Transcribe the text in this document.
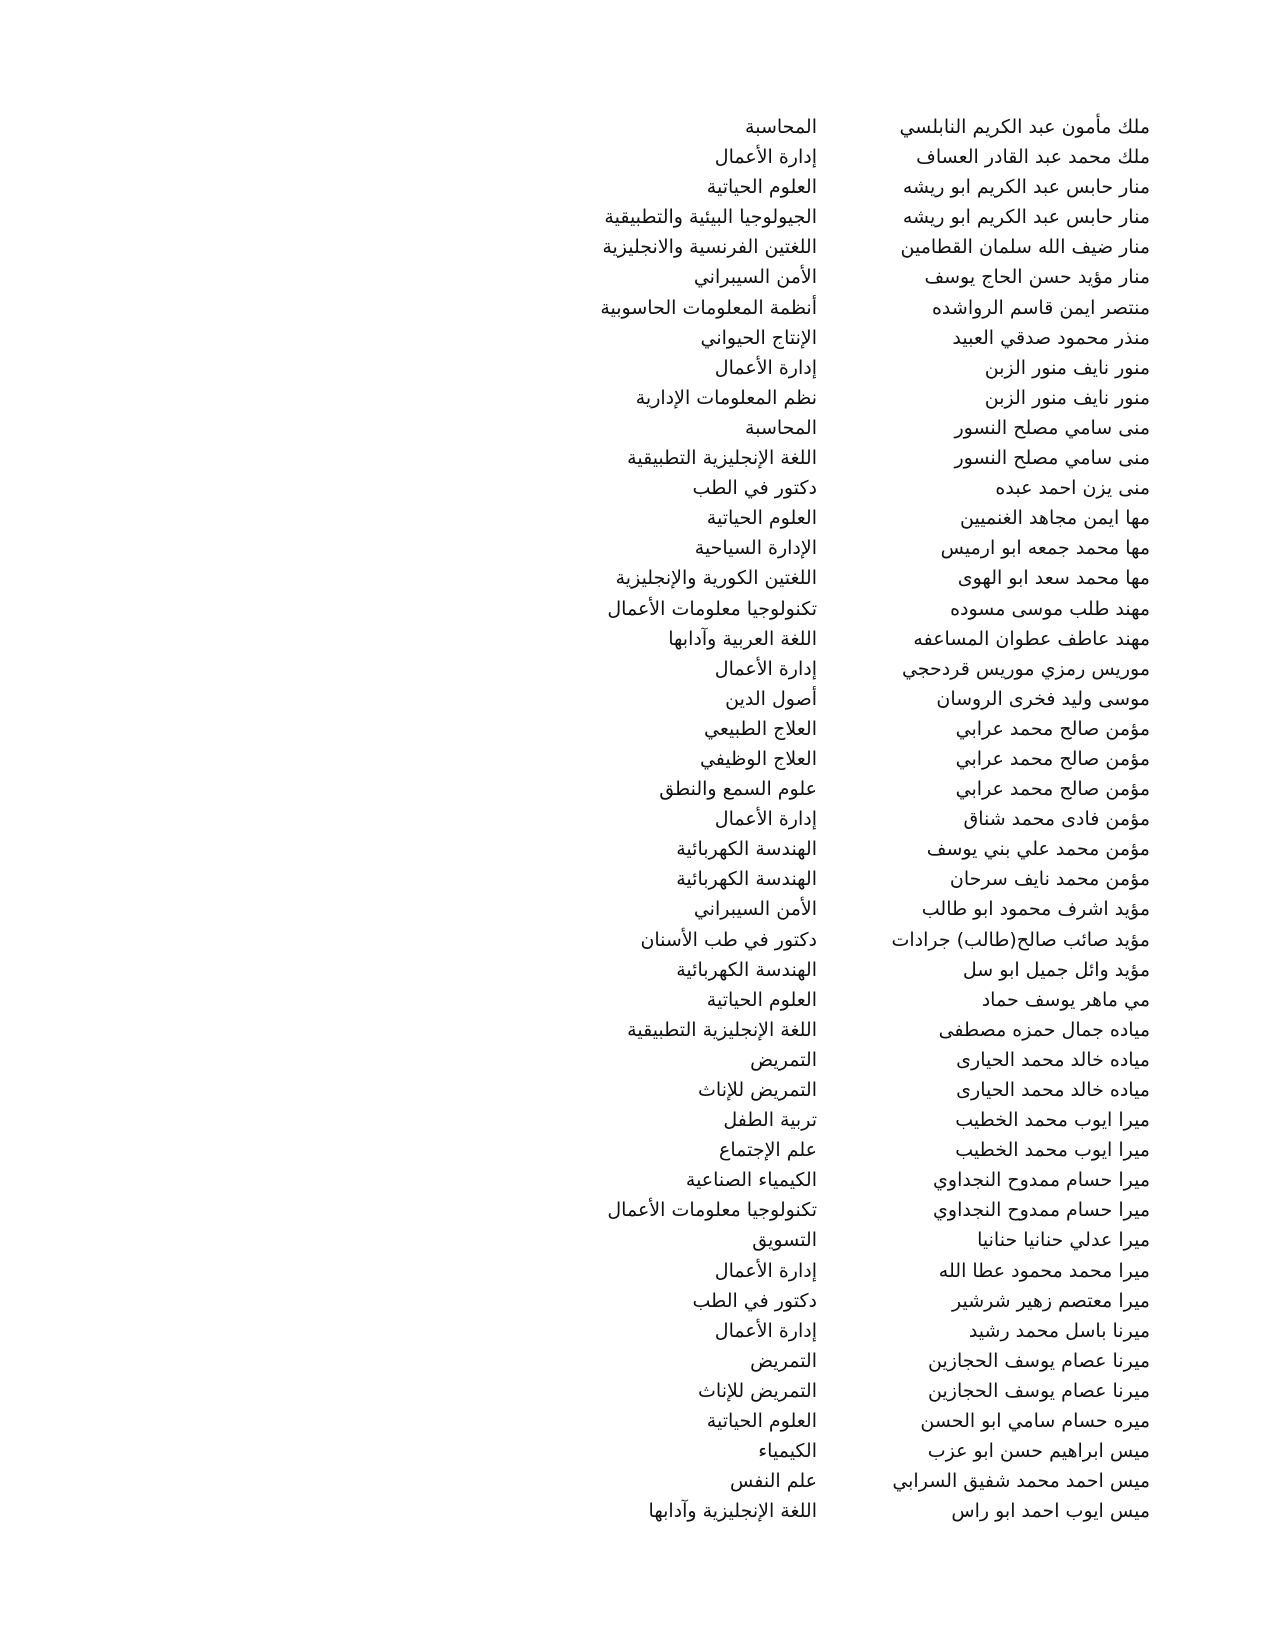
ملك مأمون عبد الكريم النابلسي
المحاسبة
ملك محمد عبد القادر العساف
إدارة الأعمال
منار حابس عبد الكريم ابو ريشه
العلوم الحياتية
منار حابس عبد الكريم ابو ريشه
الجيولوجيا البيئية والتطبيقية
منار ضيف الله سلمان القطامين
اللغتين الفرنسية والانجليزية
منار مؤيد حسن الحاج يوسف
الأمن السيبراني
منتصر ايمن قاسم الرواشده
أنظمة المعلومات الحاسوبية
منذر محمود صدقي العبيد
الإنتاج الحيواني
منور نايف منور الزبن
إدارة الأعمال
منور نايف منور الزبن
نظم المعلومات الإدارية
منى سامي مصلح النسور
المحاسبة
منى سامي مصلح النسور
اللغة الإنجليزية التطبيقية
منى يزن احمد عبده
دكتور في الطب
مها ايمن مجاهد الغنميين
العلوم الحياتية
مها محمد جمعه ابو ارميس
الإدارة السياحية
مها محمد سعد ابو الهوى
اللغتين الكورية والإنجليزية
مهند طلب موسى مسوده
تكنولوجيا معلومات الأعمال
مهند عاطف عطوان المساعفه
اللغة العربية وآدابها
موريس رمزي موريس قردحجي
إدارة الأعمال
موسى وليد فخرى الروسان
أصول الدين
مؤمن صالح محمد عرابي
العلاج الطبيعي
مؤمن صالح محمد عرابي
العلاج الوظيفي
مؤمن صالح محمد عرابي
علوم السمع والنطق
مؤمن فادى محمد شناق
إدارة الأعمال
مؤمن محمد علي بني يوسف
الهندسة الكهربائية
مؤمن محمد نايف سرحان
الهندسة الكهربائية
مؤيد اشرف محمود ابو طالب
الأمن السيبراني
مؤيد صائب صالح(طالب) جرادات
دكتور في طب الأسنان
مؤيد وائل جميل ابو سل
الهندسة الكهربائية
مي ماهر يوسف حماد
العلوم الحياتية
مياده جمال حمزه مصطفى
اللغة الإنجليزية التطبيقية
مياده خالد محمد الحيارى
التمريض
مياده خالد محمد الحيارى
التمريض للإناث
ميرا ايوب محمد الخطيب
تربية الطفل
ميرا ايوب محمد الخطيب
علم الإجتماع
ميرا حسام ممدوح النجداوي
الكيمياء الصناعية
ميرا حسام ممدوح النجداوي
تكنولوجيا معلومات الأعمال
ميرا عدلي حنانيا حنانيا
التسويق
ميرا محمد محمود عطا الله
إدارة الأعمال
ميرا معتصم زهير شرشير
دكتور في الطب
ميرنا باسل محمد رشيد
إدارة الأعمال
ميرنا عصام يوسف الحجازين
التمريض
ميرنا عصام يوسف الحجازين
التمريض للإناث
ميره حسام سامي ابو الحسن
العلوم الحياتية
ميس ابراهيم حسن ابو عزب
الكيمياء
ميس احمد محمد شفيق السرابي
علم النفس
ميس ايوب احمد ابو راس
اللغة الإنجليزية وآدابها
